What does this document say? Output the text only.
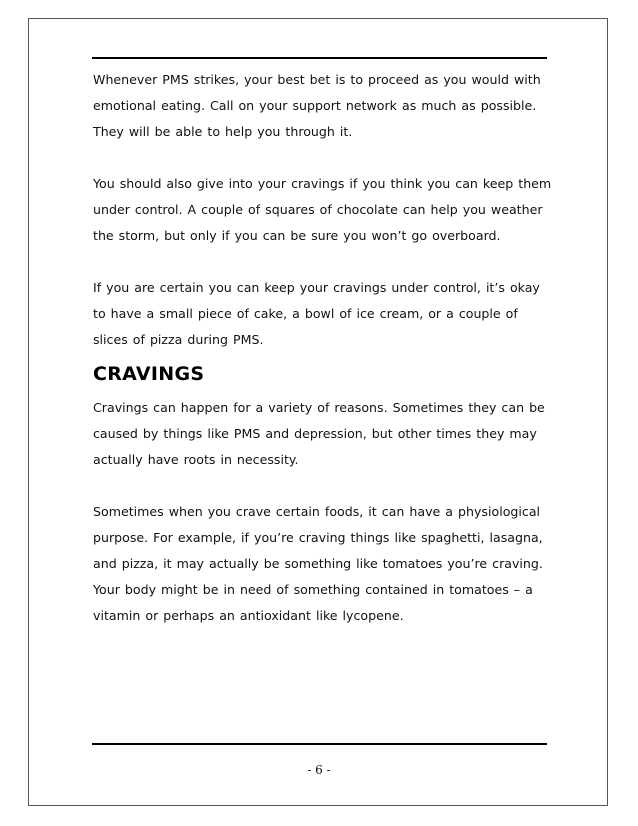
Whenever PMS strikes, your best bet is to proceed as you would with emotional eating. Call on your support network as much as possible. They will be able to help you through it.

You should also give into your cravings if you think you can keep them under control. A couple of squares of chocolate can help you weather the storm, but only if you can be sure you won’t go overboard.

If you are certain you can keep your cravings under control, it’s okay to have a small piece of cake, a bowl of ice cream, or a couple of slices of pizza during PMS.

CRAVINGS

Cravings can happen for a variety of reasons. Sometimes they can be caused by things like PMS and depression, but other times they may actually have roots in necessity.

Sometimes when you crave certain foods, it can have a physiological purpose. For example, if you’re craving things like spaghetti, lasagna, and pizza, it may actually be something like tomatoes you’re craving. Your body might be in need of something contained in tomatoes – a vitamin or perhaps an antioxidant like lycopene.

- 6 -
